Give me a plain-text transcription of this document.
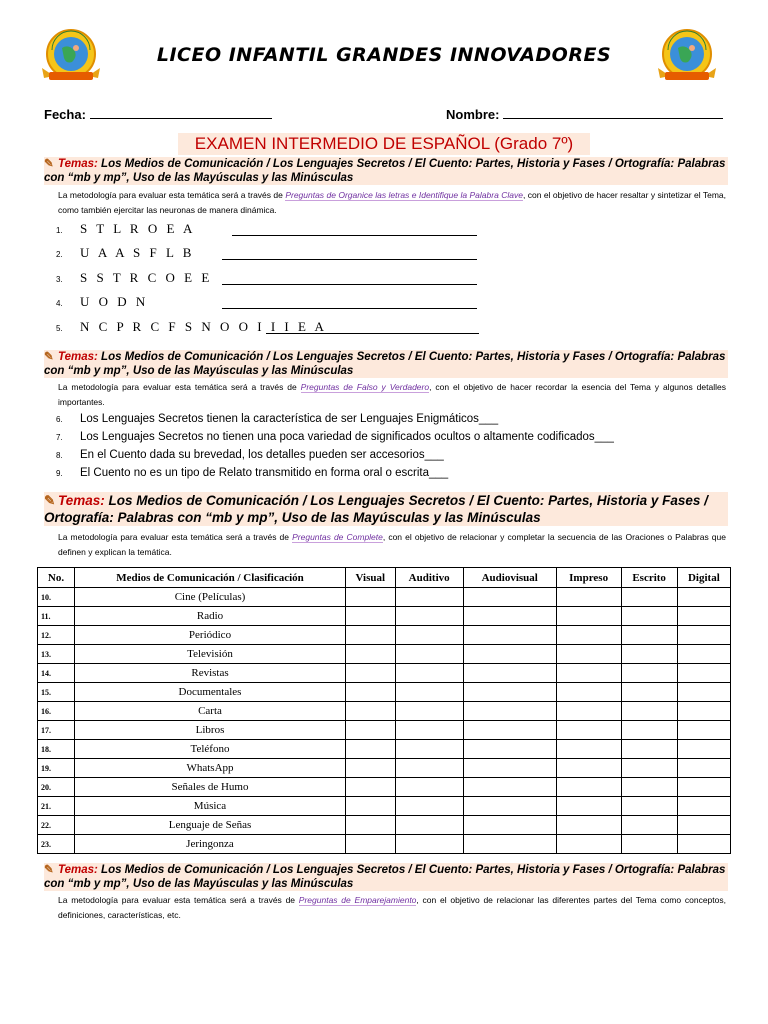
LICEO INFANTIL GRANDES INNOVADORES
Fecha:	Nombre:
EXAMEN INTERMEDIO DE ESPAÑOL (Grado 7º)
✎ Temas: Los Medios de Comunicación / Los Lenguajes Secretos / El Cuento: Partes, Historia y Fases / Ortografía: Palabras con “mb y mp”, Uso de las Mayúsculas y las Minúsculas
La metodología para evaluar esta temática será a través de Preguntas de Organice las letras e Identifique la Palabra Clave, con el objetivo de hacer resaltar y sintetizar el Tema, como también ejercitar las neuronas de manera dinámica.
1. S T L R O E A
2. U A A S F L B
3. S S T R C O E E
4. U O D N
5. N C P R C F S N O O I I I E A
✎ Temas: Los Medios de Comunicación / Los Lenguajes Secretos / El Cuento: Partes, Historia y Fases / Ortografía: Palabras con “mb y mp”, Uso de las Mayúsculas y las Minúsculas
La metodología para evaluar esta temática será a través de Preguntas de Falso y Verdadero, con el objetivo de hacer recordar la esencia del Tema y algunos detalles importantes.
6. Los Lenguajes Secretos tienen la característica de ser Lenguajes Enigmáticos___
7. Los Lenguajes Secretos no tienen una poca variedad de significados ocultos o altamente codificados___
8. En el Cuento dada su brevedad, los detalles pueden ser accesorios___
9. El Cuento no es un tipo de Relato transmitido en forma oral o escrita___
✎ Temas: Los Medios de Comunicación / Los Lenguajes Secretos / El Cuento: Partes, Historia y Fases / Ortografía: Palabras con “mb y mp”, Uso de las Mayúsculas y las Minúsculas
La metodología para evaluar esta temática será a través de Preguntas de Complete, con el objetivo de relacionar y completar la secuencia de las Oraciones o Palabras que definen y explican la temática.
No.	Medios de Comunicación / Clasificación	Visual	Auditivo	Audiovisual	Impreso	Escrito	Digital
10.	Cine (Películas)						
11.	Radio						
12.	Periódico						
13.	Televisión						
14.	Revistas						
15.	Documentales						
16.	Carta						
17.	Libros						
18.	Teléfono						
19.	WhatsApp						
20.	Señales de Humo						
21.	Música						
22.	Lenguaje de Señas						
23.	Jeringonza						
✎ Temas: Los Medios de Comunicación / Los Lenguajes Secretos / El Cuento: Partes, Historia y Fases / Ortografía: Palabras con “mb y mp”, Uso de las Mayúsculas y las Minúsculas
La metodología para evaluar esta temática será a través de Preguntas de Emparejamiento, con el objetivo de relacionar las diferentes partes del Tema como conceptos, definiciones, características, etc.
